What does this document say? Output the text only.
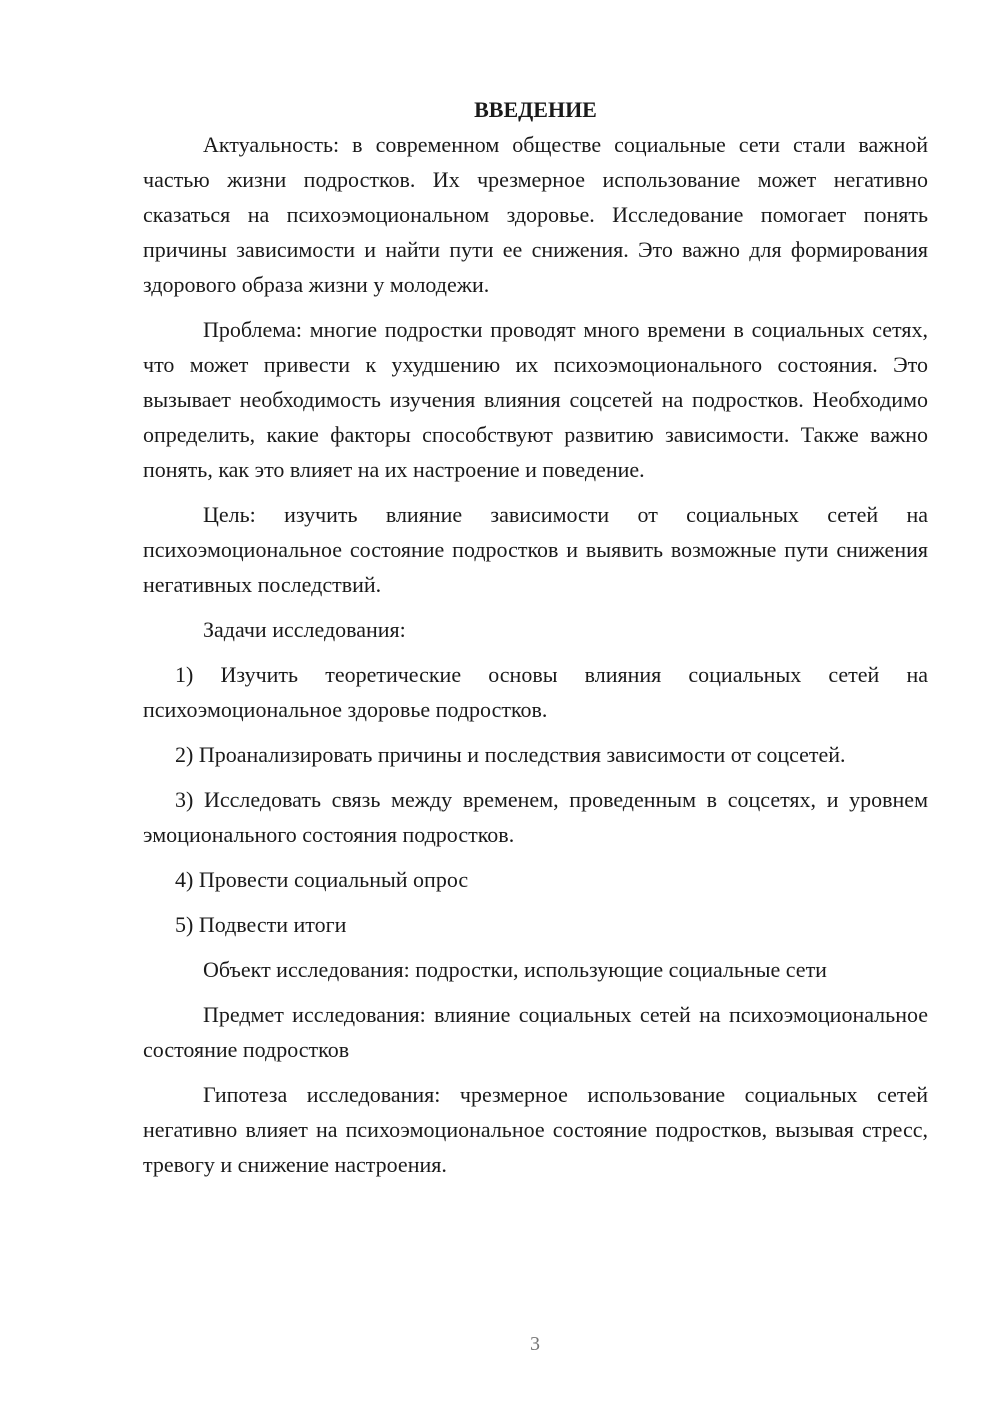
ВВЕДЕНИЕ

Актуальность: в современном обществе социальные сети стали важной частью жизни подростков. Их чрезмерное использование может негативно сказаться на психоэмоциональном здоровье. Исследование помогает понять причины зависимости и найти пути ее снижения. Это важно для формирования здорового образа жизни у молодежи.

Проблема: многие подростки проводят много времени в социальных сетях, что может привести к ухудшению их психоэмоционального состояния. Это вызывает необходимость изучения влияния соцсетей на подростков. Необходимо определить, какие факторы способствуют развитию зависимости. Также важно понять, как это влияет на их настроение и поведение.

Цель: изучить влияние зависимости от социальных сетей на психоэмоциональное состояние подростков и выявить возможные пути снижения негативных последствий.

Задачи исследования:

1) Изучить теоретические основы влияния социальных сетей на психоэмоциональное здоровье подростков.

2) Проанализировать причины и последствия зависимости от соцсетей.

3) Исследовать связь между временем, проведенным в соцсетях, и уровнем эмоционального состояния подростков.

4) Провести социальный опрос

5) Подвести итоги

Объект исследования: подростки, использующие социальные сети

Предмет исследования: влияние социальных сетей на психоэмоциональное состояние подростков

Гипотеза исследования: чрезмерное использование социальных сетей негативно влияет на психоэмоциональное состояние подростков, вызывая стресс, тревогу и снижение настроения.

3
